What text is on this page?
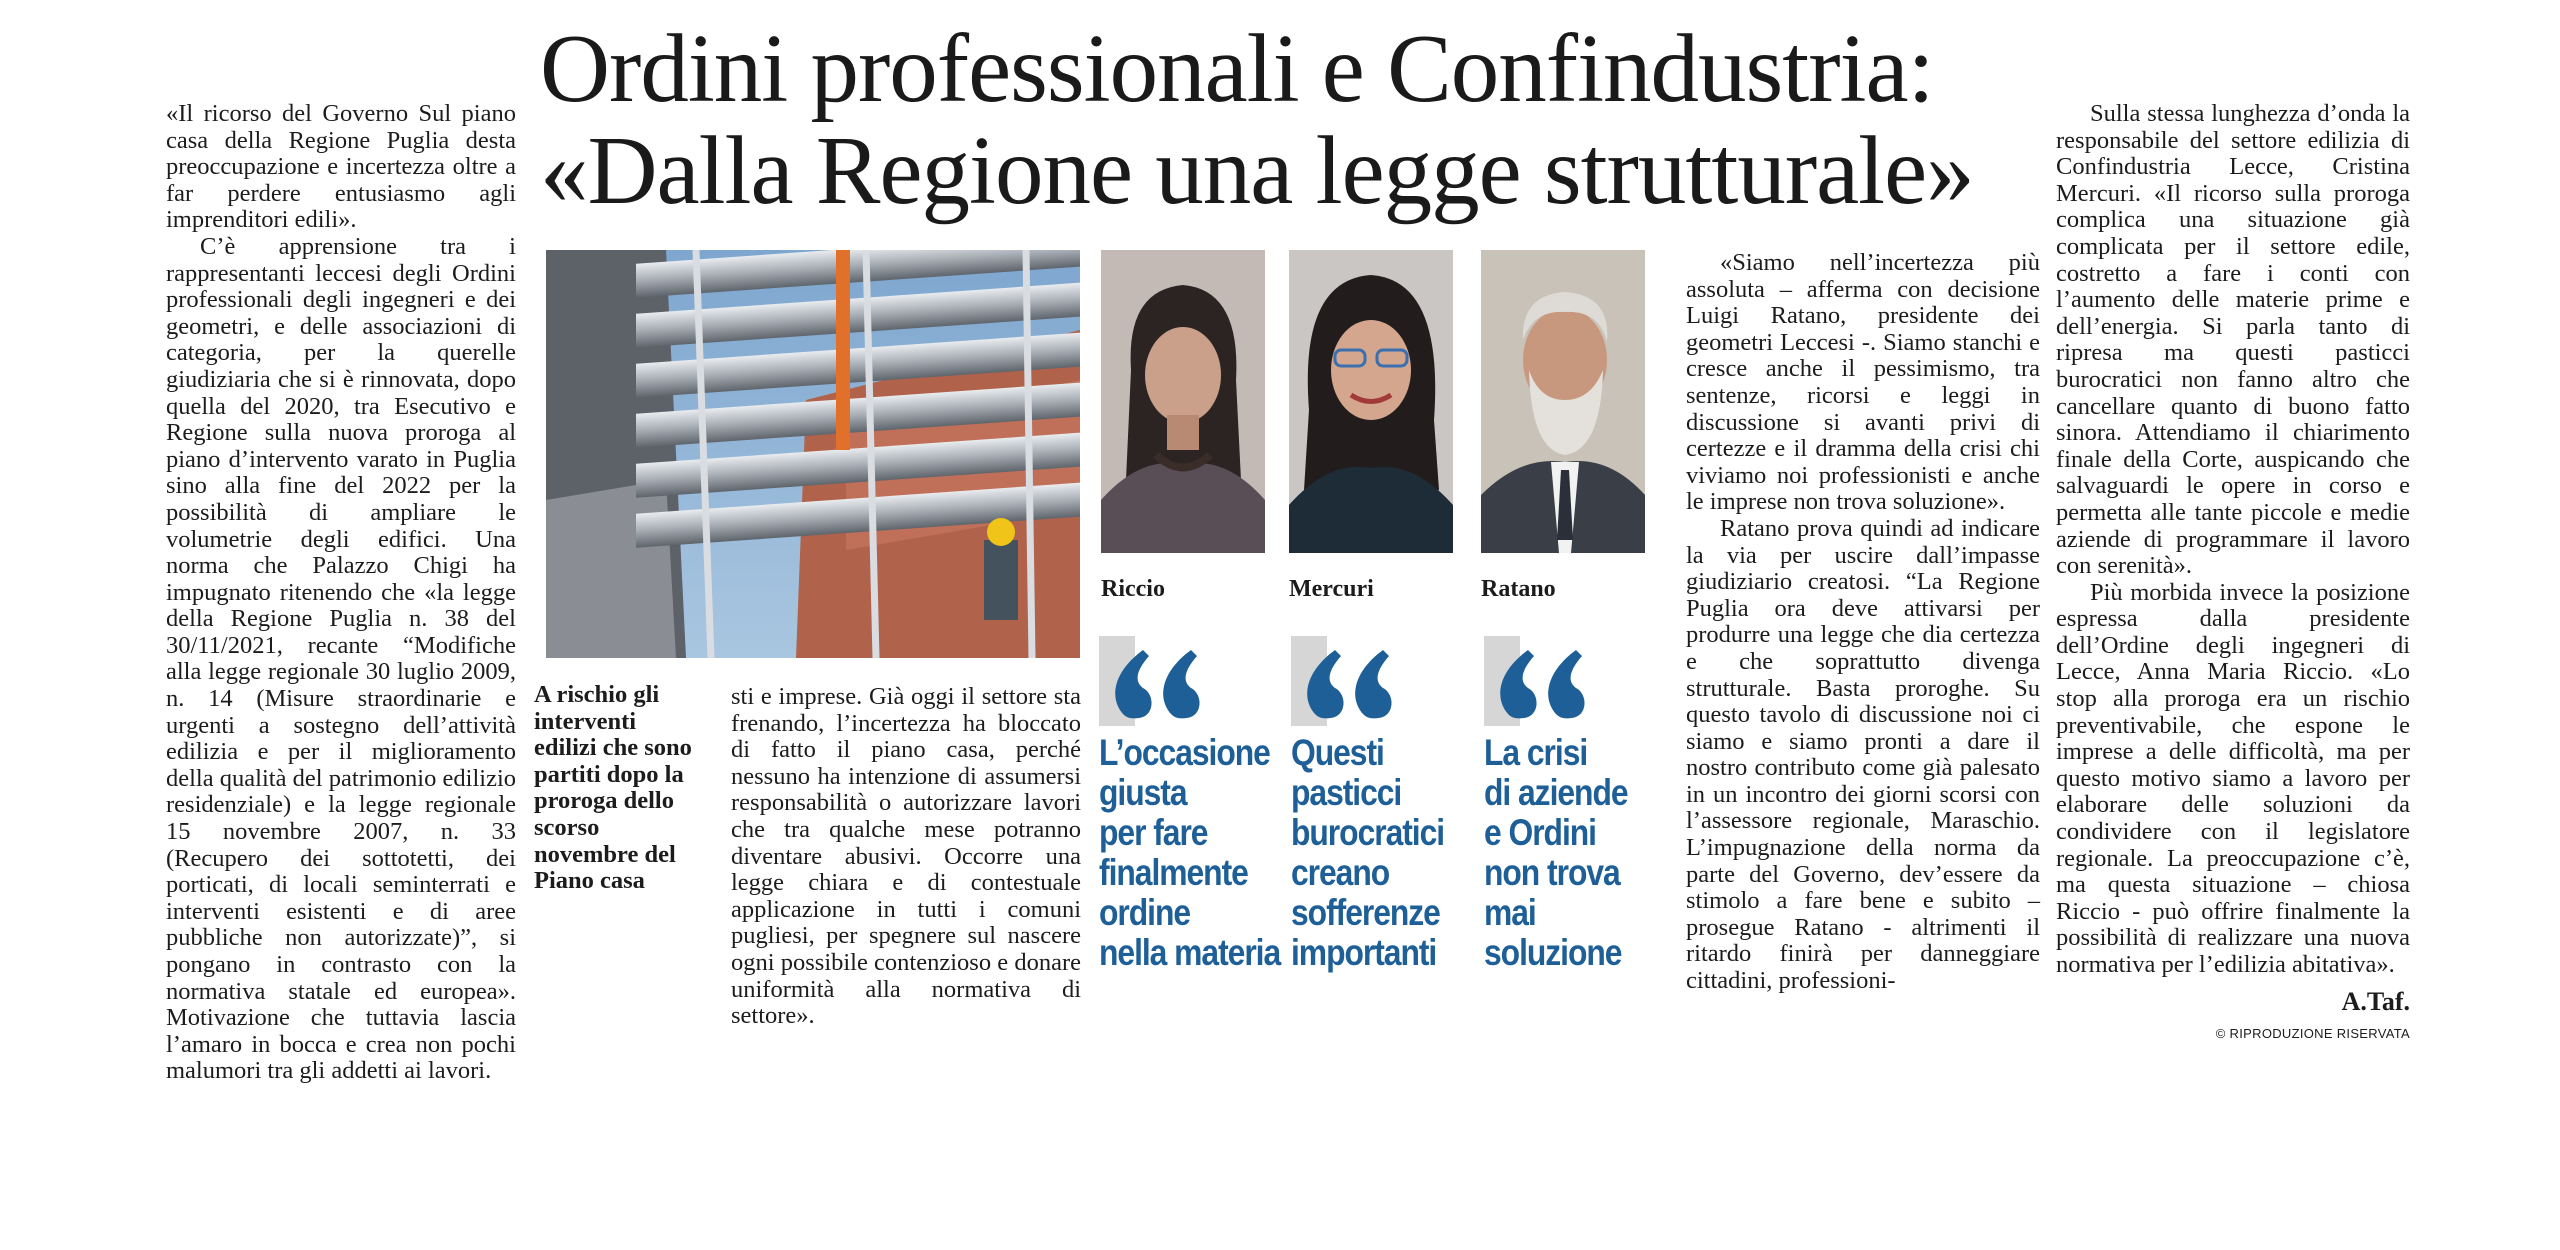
Ordini professionali e Confindustria:
«Dalla Regione una legge strutturale»

«Il ricorso del Governo Sul piano casa della Regione Puglia desta preoccupazione e incertezza oltre a far perdere entusiasmo agli imprenditori edili».

C’è apprensione tra i rappresentanti leccesi degli Ordini professionali degli ingegneri e dei geometri, e delle associazioni di categoria, per la querelle giudiziaria che si è rinnovata, dopo quella del 2020, tra Esecutivo e Regione sulla nuova proroga al piano d’intervento varato in Puglia sino alla fine del 2022 per la possibilità di ampliare le volumetrie degli edifici. Una norma che Palazzo Chigi ha impugnato ritenendo che «la legge della Regione Puglia n. 38 del 30/11/2021, recante “Modifiche alla legge regionale 30 luglio 2009, n. 14 (Misure straordinarie e urgenti a sostegno dell’attività edilizia e per il miglioramento della qualità del patrimonio edilizio residenziale) e la legge regionale 15 novembre 2007, n. 33 (Recupero dei sottotetti, dei porticati, di locali seminterrati e interventi esistenti e di aree pubbliche non autorizzate)”, si pongano in contrasto con la normativa statale ed europea». Motivazione che tuttavia lascia l’amaro in bocca e crea non pochi malumori tra gli addetti ai lavori.

A rischio gli interventi edilizi che sono partiti dopo la proroga dello scorso novembre del Piano casa

sti e imprese. Già oggi il settore sta frenando, l’incertezza ha bloccato di fatto il piano casa, perché nessuno ha intenzione di assumersi responsabilità o autorizzare lavori che tra qualche mese potranno diventare abusivi. Occorre una legge chiara e di contestuale applicazione in tutti i comuni pugliesi, per spegnere sul nascere ogni possibile contenzioso e donare uniformità alla normativa di settore».

Riccio	Mercuri	Ratano
L’occasione
giusta
per fare
finalmente
ordine
nella materia
Questi
pasticci
burocratici
creano
sofferenze
importanti
La crisi
di aziende
e Ordini
non trova
mai
soluzione

«Siamo nell’incertezza più assoluta – afferma con decisione Luigi Ratano, presidente dei geometri Leccesi -. Siamo stanchi e cresce anche il pessimismo, tra sentenze, ricorsi e leggi in discussione si avanti privi di certezze e il dramma della crisi chi viviamo noi professionisti e anche le imprese non trova soluzione».

Ratano prova quindi ad indicare la via per uscire dall’impasse giudiziario creatosi. “La Regione Puglia ora deve attivarsi per produrre una legge che dia certezza e che soprattutto divenga strutturale. Basta proroghe. Su questo tavolo di discussione noi ci siamo e siamo pronti a dare il nostro contributo come già palesato in un incontro dei giorni scorsi con l’assessore regionale, Maraschio. L’impugnazione della norma da parte del Governo, dev’essere da stimolo a fare bene e subito – prosegue Ratano - altrimenti il ritardo finirà per danneggiare cittadini, professioni-

Sulla stessa lunghezza d’onda la responsabile del settore edilizia di Confindustria Lecce, Cristina Mercuri. «Il ricorso sulla proroga complica una situazione già complicata per il settore edile, costretto a fare i conti con l’aumento delle materie prime e dell’energia. Si parla tanto di ripresa ma questi pasticci burocratici non fanno altro che cancellare quanto di buono fatto sinora. Attendiamo il chiarimento finale della Corte, auspicando che salvaguardi le opere in corso e permetta alle tante piccole e medie aziende di programmare il lavoro con serenità».

Più morbida invece la posizione espressa dalla presidente dell’Ordine degli ingegneri di Lecce, Anna Maria Riccio. «Lo stop alla proroga era un rischio preventivabile, che espone le imprese a delle difficoltà, ma per questo motivo siamo a lavoro per elaborare delle soluzioni da condividere con il legislatore regionale. La preoccupazione c’è, ma questa situazione – chiosa Riccio - può offrire finalmente la possibilità di realizzare una nuova normativa per l’edilizia abitativa».

A.Taf.
© RIPRODUZIONE RISERVATA
